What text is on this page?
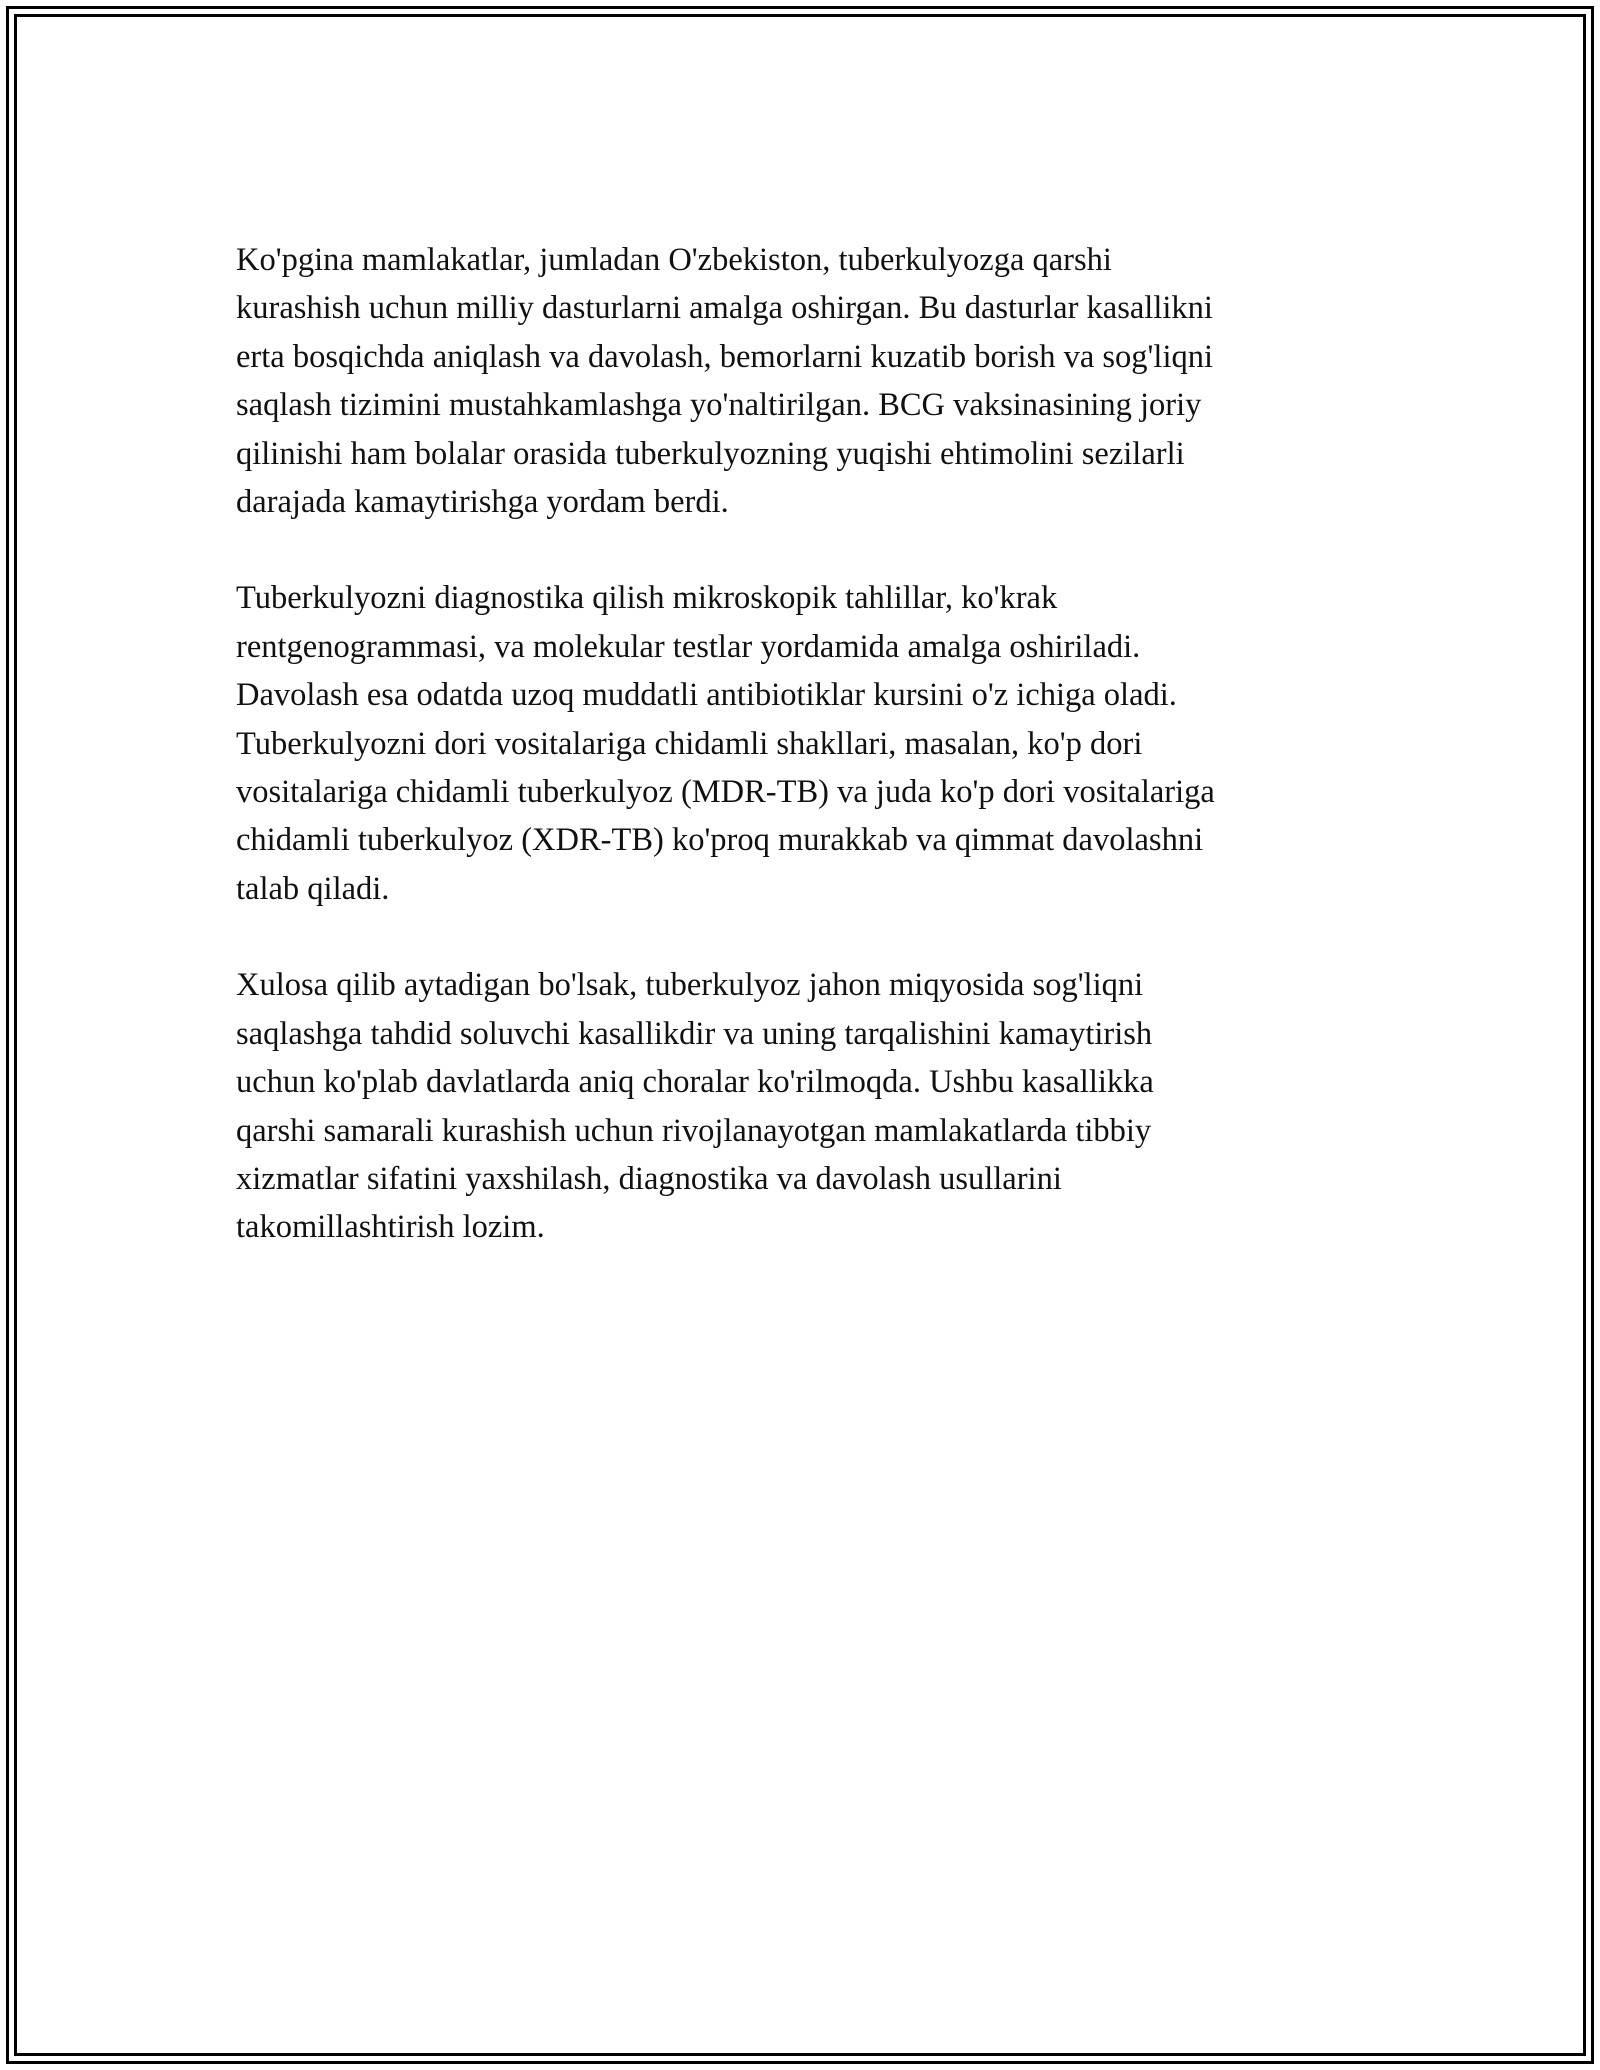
Ko'pgina mamlakatlar, jumladan O'zbekiston, tuberkulyozga qarshi
kurashish uchun milliy dasturlarni amalga oshirgan. Bu dasturlar kasallikni
erta bosqichda aniqlash va davolash, bemorlarni kuzatib borish va sog'liqni
saqlash tizimini mustahkamlashga yo'naltirilgan. BCG vaksinasining joriy
qilinishi ham bolalar orasida tuberkulyozning yuqishi ehtimolini sezilarli
darajada kamaytirishga yordam berdi.

Tuberkulyozni diagnostika qilish mikroskopik tahlillar, ko'krak
rentgenogrammasi, va molekular testlar yordamida amalga oshiriladi.
Davolash esa odatda uzoq muddatli antibiotiklar kursini o'z ichiga oladi.
Tuberkulyozni dori vositalariga chidamli shakllari, masalan, ko'p dori
vositalariga chidamli tuberkulyoz (MDR-TB) va juda ko'p dori vositalariga
chidamli tuberkulyoz (XDR-TB) ko'proq murakkab va qimmat davolashni
talab qiladi.

Xulosa qilib aytadigan bo'lsak, tuberkulyoz jahon miqyosida sog'liqni
saqlashga tahdid soluvchi kasallikdir va uning tarqalishini kamaytirish
uchun ko'plab davlatlarda aniq choralar ko'rilmoqda. Ushbu kasallikka
qarshi samarali kurashish uchun rivojlanayotgan mamlakatlarda tibbiy
xizmatlar sifatini yaxshilash, diagnostika va davolash usullarini
takomillashtirish lozim.
